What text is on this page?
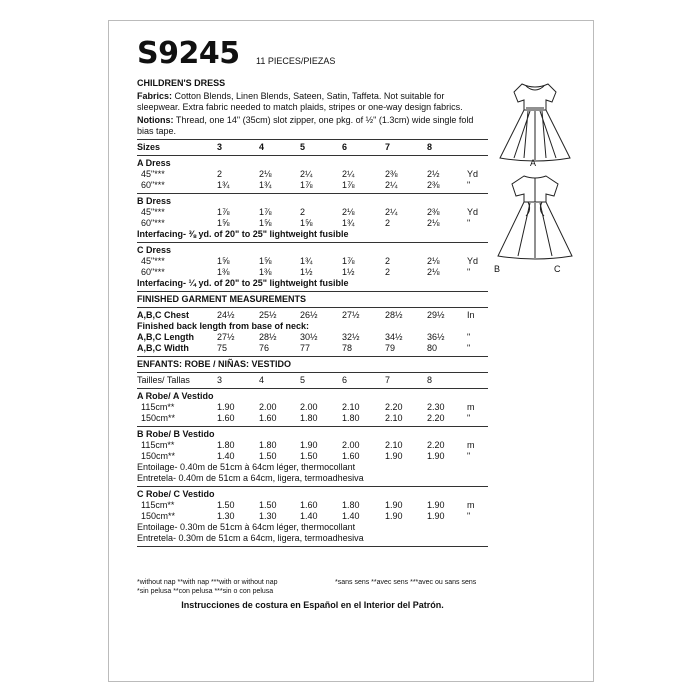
S9245 11 PIECES/PIEZAS
CHILDREN'S DRESS
Fabrics: Cotton Blends, Linen Blends, Sateen, Satin, Taffeta. Not suitable for sleepwear. Extra fabric needed to match plaids, stripes or one-way design fabrics.
Notions: Thread, one 14" (35cm) slot zipper, one pkg. of ½" (1.3cm) wide single fold bias tape.
Sizes	3	4	5	6	7	8
A Dress
45"***	2	2⅛	2¼	2¼	2⅜	2½	Yd
60"***	1¾	1¾	1⅞	1⅞	2¼	2⅜	"
B Dress
45"***	1⅞	1⅞	2	2⅛	2¼	2⅜	Yd
60"***	1⅝	1⅝	1⅝	1¾	2	2⅛	"
Interfacing- ⅜ yd. of 20" to 25" lightweight fusible
C Dress
45"***	1⅝	1⅝	1¾	1⅞	2	2⅛	Yd
60"***	1⅜	1⅜	1½	1½	2	2⅛	"
Interfacing- ¼ yd. of 20" to 25" lightweight fusible
FINISHED GARMENT MEASUREMENTS
A,B,C Chest	24½	25½	26½	27½	28½	29½ In
Finished back length from base of neck:
A,B,C Length	27½	28½	30½	32½	34½	36½ "
A,B,C Width	75	76	77	78	79	80	"
ENFANTS: ROBE / NIÑAS: VESTIDO
Tailles/ Tallas	3	4	5	6	7	8
A Robe/ A Vestido
115cm**	1.90	2.00	2.00	2.10	2.20	2.30 m
150cm**	1.60	1.60	1.80	1.80	2.10	2.20 "
B Robe/ B Vestido
115cm**	1.80	1.80	1.90	2.00	2.10	2.20 m
150cm**	1.40	1.50	1.50	1.60	1.90	1.90 "
Entoilage- 0.40m de 51cm à 64cm léger, thermocollant
Entretela- 0.40m de 51cm a 64cm, ligera, termoadhesiva
C Robe/ C Vestido
115cm**	1.50	1.50	1.60	1.80	1.90	1.90 m
150cm**	1.30	1.30	1.40	1.40	1.90	1.90 "
Entoilage- 0.30m de 51cm à 64cm léger, thermocollant
Entretela- 0.30m de 51cm a 64cm, ligera, termoadhesiva
*without nap **with nap ***with or without nap
*sin pelusa **con pelusa ***sin o con pelusa
*sans sens **avec sens ***avec ou sans sens
Instrucciones de costura en Español en el Interior del Patrón.
A
B	C
